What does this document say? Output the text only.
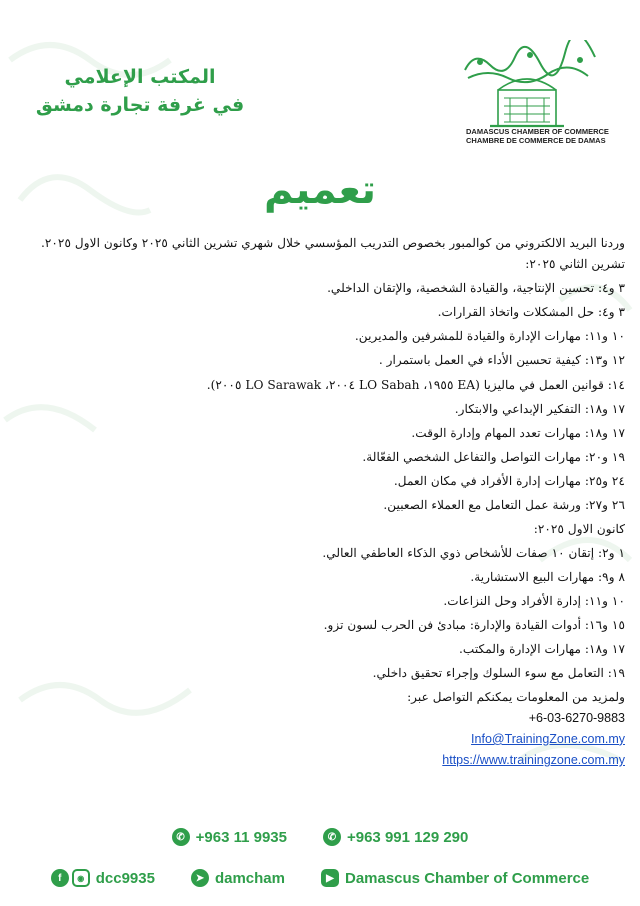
المكتب الإعلامي
في غرفة تجارة دمشق
DAMASCUS CHAMBER OF COMMERCE
CHAMBRE DE COMMERCE DE DAMAS
تعميم

وردنا البريد الالكتروني من كوالمبور بخصوص التدريب المؤسسي خلال شهري تشرين الثاني ٢٠٢٥ وكانون الاول ٢٠٢٥.

تشرين الثاني ٢٠٢٥:

٣ و٤: تحسين الإنتاجية، والقيادة الشخصية، والإتقان الداخلي.

٣ و٤: حل المشكلات واتخاذ القرارات.

١٠ و١١: مهارات الإدارة والقيادة للمشرفين والمديرين.

١٢ و١٣: كيفية تحسين الأداء في العمل باستمرار .

١٤: قوانين العمل في ماليزيا (EA ١٩٥٥، LO Sabah ٢٠٠٤، LO Sarawak ٢٠٠٥).

١٧ و١٨: التفكير الإبداعي والابتكار.

١٧ و١٨: مهارات تعدد المهام وإدارة الوقت.

١٩ و٢٠: مهارات التواصل والتفاعل الشخصي الفعّالة.

٢٤ و٢٥: مهارات إدارة الأفراد في مكان العمل.

٢٦ و٢٧: ورشة عمل التعامل مع العملاء الصعبين.

كانون الاول ٢٠٢٥:

١ و٢: إتقان ١٠ صفات للأشخاص ذوي الذكاء العاطفي العالي.

٨ و٩: مهارات البيع الاستشارية.

١٠ و١١: إدارة الأفراد وحل النزاعات.

١٥ و١٦: أدوات القيادة والإدارة: مبادئ فن الحرب لسون تزو.

١٧ و١٨: مهارات الإدارة والمكتب.

١٩: التعامل مع سوء السلوك وإجراء تحقيق داخلي.

ولمزيد من المعلومات يمكنكم التواصل عبر:

+6-03-6270-9883
Info@TrainingZone.com.my
https://www.trainingzone.com.my
✆ +963 11 9935	✆ +963 991 129 290
f	◉ dcc9935	➤ damcham	▶ Damascus Chamber of Commerce
